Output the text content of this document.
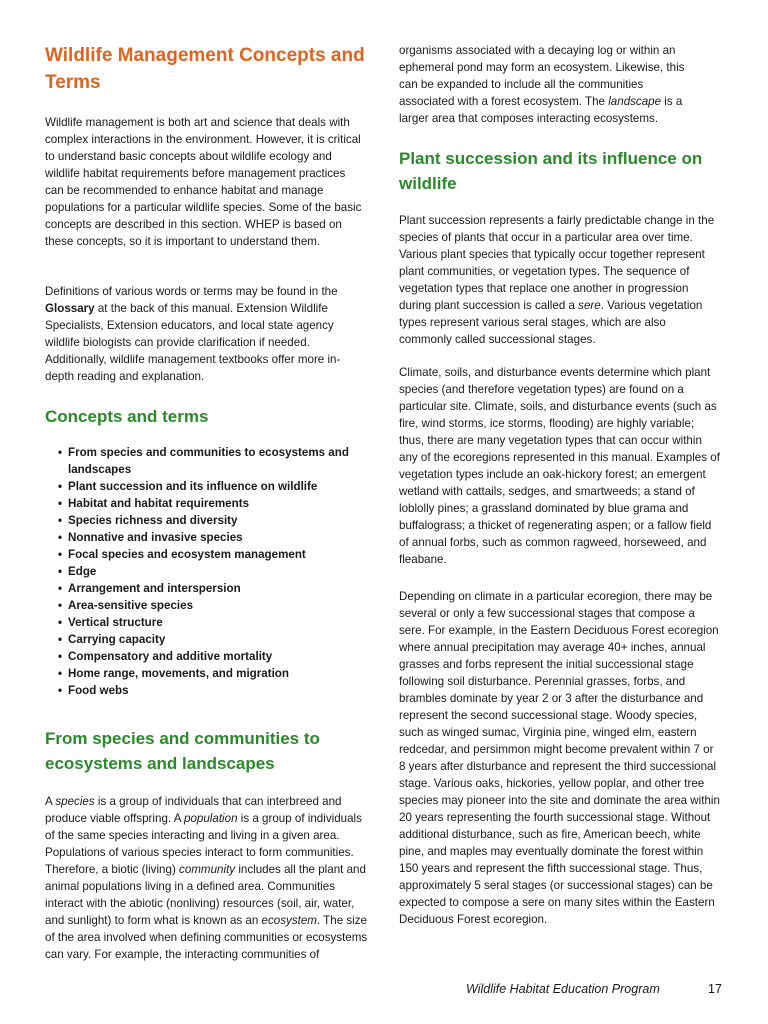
Wildlife Management Concepts and Terms

Wildlife management is both art and science that deals with complex interactions in the environment. However, it is critical to understand basic concepts about wildlife ecology and wildlife habitat requirements before management practices can be recommended to enhance habitat and manage populations for a particular wildlife species. Some of the basic concepts are described in this section. WHEP is based on these concepts, so it is important to understand them.

Definitions of various words or terms may be found in the Glossary at the back of this manual. Extension Wildlife Specialists, Extension educators, and local state agency wildlife biologists can provide clarification if needed. Additionally, wildlife management textbooks offer more in-depth reading and explanation.

Concepts and terms
• From species and communities to ecosystems and landscapes
• Plant succession and its influence on wildlife
• Habitat and habitat requirements
• Species richness and diversity
• Nonnative and invasive species
• Focal species and ecosystem management
• Edge
• Arrangement and interspersion
• Area-sensitive species
• Vertical structure
• Carrying capacity
• Compensatory and additive mortality
• Home range, movements, and migration
• Food webs
From species and communities to ecosystems and landscapes

A species is a group of individuals that can interbreed and produce viable offspring. A population is a group of individuals of the same species interacting and living in a given area. Populations of various species interact to form communities. Therefore, a biotic (living) community includes all the plant and animal populations living in a defined area. Communities interact with the abiotic (nonliving) resources (soil, air, water, and sunlight) to form what is known as an ecosystem. The size of the area involved when defining communities or ecosystems can vary. For example, the interacting communities of

organisms associated with a decaying log or within an ephemeral pond may form an ecosystem. Likewise, this can be expanded to include all the communities associated with a forest ecosystem. The landscape is a larger area that composes interacting ecosystems.

Plant succession and its influence on wildlife

Plant succession represents a fairly predictable change in the species of plants that occur in a particular area over time. Various plant species that typically occur together represent plant communities, or vegetation types. The sequence of vegetation types that replace one another in progression during plant succession is called a sere. Various vegetation types represent various seral stages, which are also commonly called successional stages.

Climate, soils, and disturbance events determine which plant species (and therefore vegetation types) are found on a particular site. Climate, soils, and disturbance events (such as fire, wind storms, ice storms, flooding) are highly variable; thus, there are many vegetation types that can occur within any of the ecoregions represented in this manual. Examples of vegetation types include an oak-hickory forest; an emergent wetland with cattails, sedges, and smartweeds; a stand of loblolly pines; a grassland dominated by blue grama and buffalograss; a thicket of regenerating aspen; or a fallow field of annual forbs, such as common ragweed, horseweed, and fleabane.

Depending on climate in a particular ecoregion, there may be several or only a few successional stages that compose a sere. For example, in the Eastern Deciduous Forest ecoregion where annual precipitation may average 40+ inches, annual grasses and forbs represent the initial successional stage following soil disturbance. Perennial grasses, forbs, and brambles dominate by year 2 or 3 after the disturbance and represent the second successional stage. Woody species, such as winged sumac, Virginia pine, winged elm, eastern redcedar, and persimmon might become prevalent within 7 or 8 years after disturbance and represent the third successional stage. Various oaks, hickories, yellow poplar, and other tree species may pioneer into the site and dominate the area within 20 years representing the fourth successional stage. Without additional disturbance, such as fire, American beech, white pine, and maples may eventually dominate the forest within 150 years and represent the fifth successional stage. Thus, approximately 5 seral stages (or successional stages) can be expected to compose a sere on many sites within the Eastern Deciduous Forest ecoregion.

Wildlife Habitat Education Program	17
